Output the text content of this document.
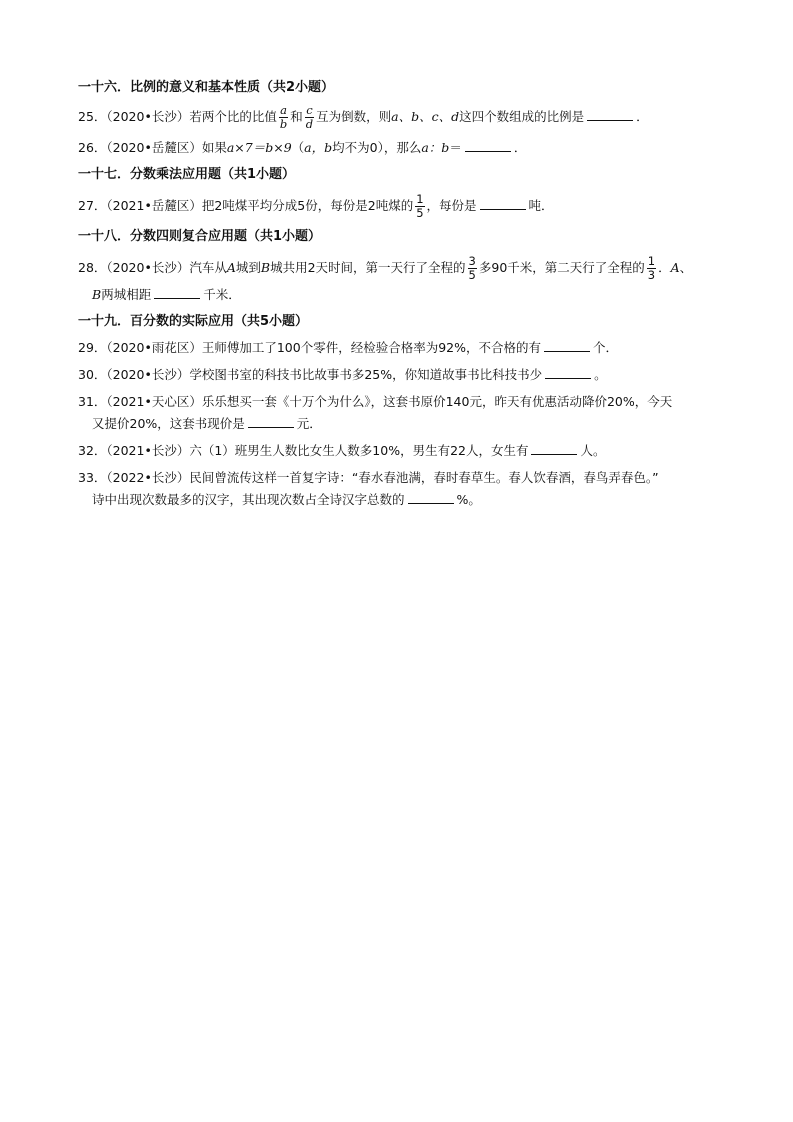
一十六．比例的意义和基本性质（共2小题）
25．（2020•长沙）若两个比的比值 $\frac{a}{b}$ 和 $\frac{c}{d}$ 互为倒数，则a、b、c、d这四个数组成的比例是	．
26．（2020•岳麓区）如果a×7＝b×9（a，b均不为0），那么a：b＝	．
一十七．分数乘法应用题（共1小题）
27．（2021•岳麓区）把2吨煤平均分成5份，每份是2吨煤的 $\frac{1}{5}$ ，每份是	吨．
一十八．分数四则复合应用题（共1小题）
28．（2020•长沙）汽车从A城到B城共用2天时间，第一天行了全程的 $\frac{3}{5}$ 多90千米，第二天行了全程的 $\frac{1}{3}$ ．A、
B两城相距	千米．
一十九．百分数的实际应用（共5小题）
29．（2020•雨花区）王师傅加工了100个零件，经检验合格率为92%，不合格的有	个．
30．（2020•长沙）学校图书室的科技书比故事书多25%，你知道故事书比科技书少	。
31．（2021•天心区）乐乐想买一套《十万个为什么》，这套书原价140元，昨天有优惠活动降价20%，今天
又提价20%，这套书现价是	元．
32．（2021•长沙）六（1）班男生人数比女生人数多10%，男生有22人，女生有	人。
33．（2022•长沙）民间曾流传这样一首复字诗：“春水春池满，春时春草生。春人饮春酒，春鸟弄春色。”
诗中出现次数最多的汉字，其出现次数占全诗汉字总数的	%。
